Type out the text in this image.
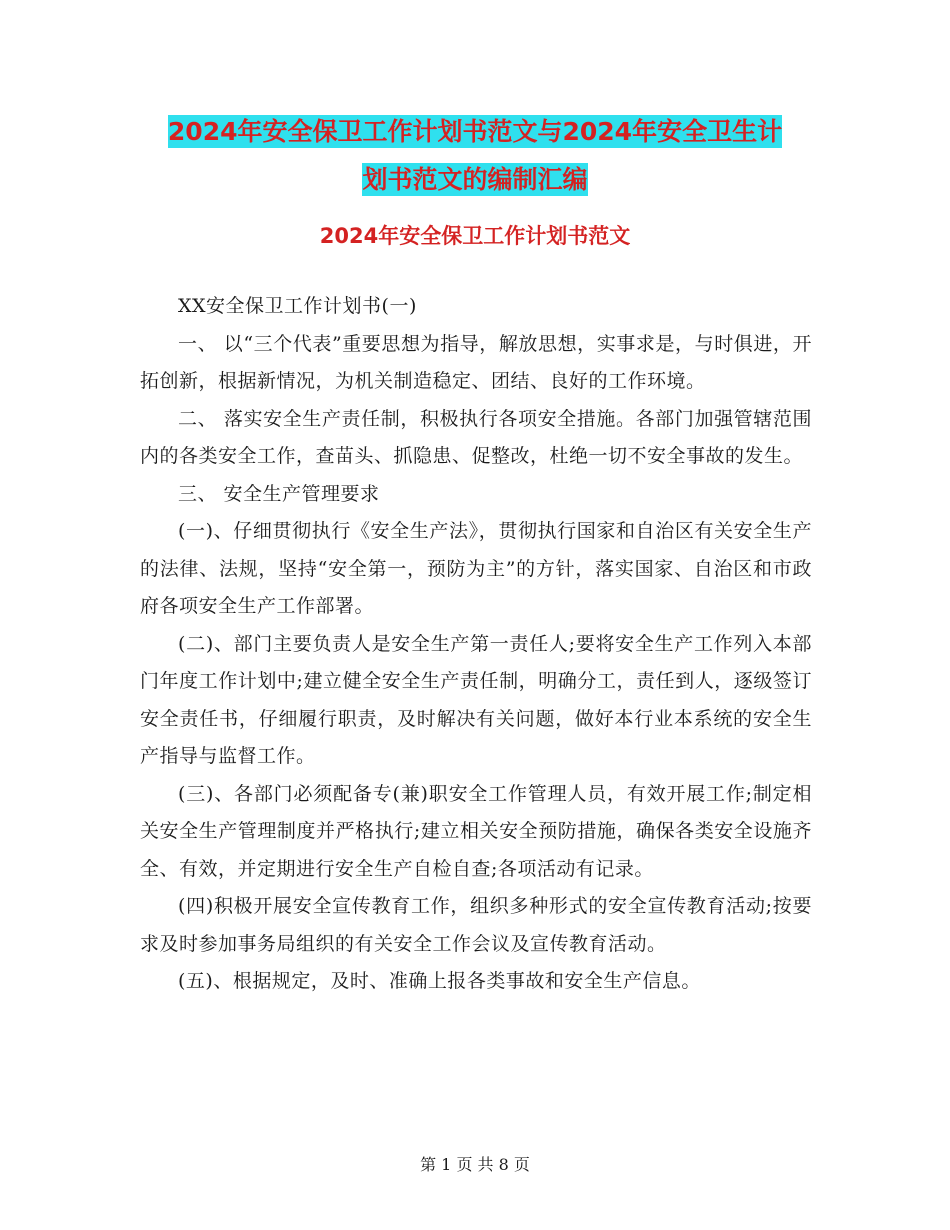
2024年安全保卫工作计划书范文与2024年安全卫生计
划书范文的编制汇编
2024年安全保卫工作计划书范文

XX安全保卫工作计划书(一)

一、 以“三个代表”重要思想为指导，解放思想，实事求是，与时俱进，开拓创新，根据新情况，为机关制造稳定、团结、良好的工作环境。

二、 落实安全生产责任制，积极执行各项安全措施。各部门加强管辖范围内的各类安全工作，查苗头、抓隐患、促整改，杜绝一切不安全事故的发生。

三、 安全生产管理要求

(一)、仔细贯彻执行《安全生产法》，贯彻执行国家和自治区有关安全生产的法律、法规，坚持“安全第一，预防为主”的方针，落实国家、自治区和市政府各项安全生产工作部署。

(二)、部门主要负责人是安全生产第一责任人;要将安全生产工作列入本部门年度工作计划中;建立健全安全生产责任制，明确分工，责任到人，逐级签订安全责任书，仔细履行职责，及时解决有关问题，做好本行业本系统的安全生产指导与监督工作。

(三)、各部门必须配备专(兼)职安全工作管理人员，有效开展工作;制定相关安全生产管理制度并严格执行;建立相关安全预防措施，确保各类安全设施齐全、有效，并定期进行安全生产自检自查;各项活动有记录。

(四)积极开展安全宣传教育工作，组织多种形式的安全宣传教育活动;按要求及时参加事务局组织的有关安全工作会议及宣传教育活动。

(五)、根据规定，及时、准确上报各类事故和安全生产信息。

第 1 页 共 8 页
